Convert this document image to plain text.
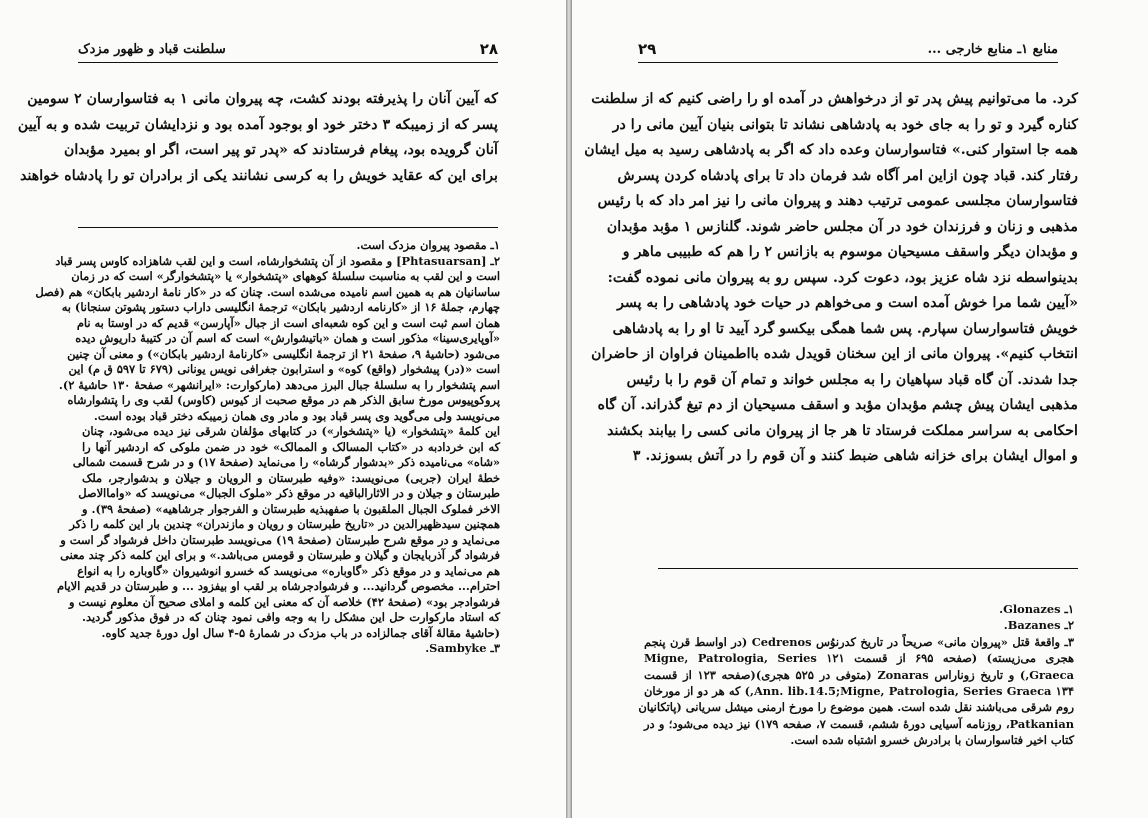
۲۸
سلطنت قباد و ظهور مزدک

که آیین آنان را پذیرفته بودند کشت، چه پیروان مانی ۱ به فتاسوارسان ۲ سومین

پسر که از زمیبکه ۳ دختر خود او بوجود آمده بود و نزدایشان تربیت شده و به آیین

آنان گرویده بود، پیغام فرستادند که «پدر تو پیر است، اگر او بمیرد مؤبدان

برای این که عقاید خویش را به کرسی نشانند یکی از برادران تو را پادشاه خواهند

۱ـ مقصود پیروان مزدک است.

۲ـ [Phtasuarsan] و مقصود از آن پتشخوارشاه، است و این لقب شاهزاده کاوس پسر قباد

است و این لقب به مناسبت سلسلهٔ کوههای «پتشخوار» یا «پتشخوارگر» است که در زمان

ساسانیان هم به همین اسم نامیده می‌شده است. چنان که در «کار نامهٔ اردشیر بابکان» هم (فصل

چهارم، جملهٔ ۱۶ از «کارنامه اردشیر بابکان» ترجمهٔ انگلیسی داراب دستور پشوتن سنجانا) به

همان اسم ثبت است و این کوه شعبه‌ای است از جبال «آپارسن» قدیم که در اوستا به نام

«آوپایری‌سینا» مذکور است و همان «باتیشوارش» است که اسم آن در کتیبهٔ داریوش دیده

می‌شود (حاشیهٔ ۹، صفحهٔ ۲۱ از ترجمهٔ انگلیسی «کارنامهٔ اردشیر بابکان») و معنی آن چنین

است «(در) پیشخوار (واقع) کوه» و استرابون جغرافی نویس یونانی (۶۷۹ تا ۵۹۷ ق م) این

اسم پتشخوار را به سلسلهٔ جبال البرز می‌دهد (مارکوارت: «ایرانشهر» صفحهٔ ۱۳۰ حاشیهٔ ۲).

پروکوپیوس مورخ سابق الذکر هم در موقع صحبت از کیوس (کاوس) لقب وی را پتشوارشاه

می‌نویسد ولی می‌گوید وی پسر قباد بود و مادر وی همان زمیبکه دختر قباد بوده است.

این کلمهٔ «پتشخوار» (یا «پتشخوار») در کتابهای مؤلفان شرقی نیز دیده می‌شود، چنان

که ابن خردادبه در «کتاب المسالک و الممالک» خود در ضمن ملوکی که اردشیر آنها را

«شاه» می‌نامیده ذکر «بدشوار گرشاه» را می‌نماید (صفحهٔ ۱۷) و در شرح قسمت شمالی

خطهٔ ایران (جربی) می‌نویسد: «وفیه طبرستان و الرویان و جیلان و بدشوارجر، ملک

طبرستان و جیلان و در الاثارالباقیه در موقع ذکر «ملوک الجبال» می‌نویسد که «واماالاصل

الاخر فملوک الجبال الملقبون با صفهبذیه طبرستان و الفرجوار جرشاهیه» (صفحهٔ ۳۹). و

همچنین سیدظهیرالدین در «تاریخ طبرستان و رویان و مازندران» چندین بار این کلمه را ذکر

می‌نماید و در موقع شرح طبرستان (صفحهٔ ۱۹) می‌نویسد طبرستان داخل فرشواد گر است و

فرشواد گر آذربایجان و گیلان و طبرستان و قومس می‌باشد.» و برای این کلمه ذکر چند معنی

هم می‌نماید و در موقع ذکر «گاوباره» می‌نویسد که خسرو انوشیروان «گاوباره را به انواع

احترام... مخصوص گردانید... و فرشوادجرشاه بر لقب او بیفزود ... و طبرستان در قدیم الایام

فرشوادجر بود» (صفحهٔ ۴۲) خلاصه آن که معنی این کلمه و املای صحیح آن معلوم نیست و

که استاد مارکوارت حل این مشکل را به وجه وافی نمود چنان که در فوق مذکور گردید.

(حاشیهٔ مقالهٔ آقای جمالزاده در باب مزدک در شمارهٔ ۵-۴ سال اول دورهٔ جدید کاوه.

۳ـ Sambyke.

۲۹	منابع ۱ـ منابع خارجی ...

کرد. ما می‌توانیم پیش پدر تو از درخواهش در آمده او را راضی کنیم که از سلطنت

کناره گیرد و تو را به جای خود به پادشاهی نشاند تا بتوانی بنیان آیین مانی را در

همه جا استوار کنی.» فتاسوارسان وعده داد که اگر به پادشاهی رسید به میل ایشان

رفتار کند. قباد چون ازاین امر آگاه شد فرمان داد تا برای پادشاه کردن پسرش

فتاسوارسان مجلسی عمومی ترتیب دهند و پیروان مانی را نیز امر داد که با رئیس

مذهبی و زنان و فرزندان خود در آن مجلس حاضر شوند. گلنازس ۱ مؤبد مؤبدان

و مؤبدان دیگر واسقف مسیحیان موسوم به بازانس ۲ را هم که طبیبی ماهر و

بدینواسطه نزد شاه عزیز بود، دعوت کرد. سپس رو به پیروان مانی نموده گفت:

«آیین شما مرا خوش آمده است و می‌خواهم در حیات خود پادشاهی را به پسر

خویش فتاسوارسان سپارم. پس شما همگی بیکسو گرد آیید تا او را به پادشاهی

انتخاب کنیم». پیروان مانی از این سخنان قویدل شده بااطمینان فراوان از حاضران

جدا شدند. آن گاه قباد سپاهیان را به مجلس خواند و تمام آن قوم را با رئیس

مذهبی ایشان پیش چشم مؤبدان مؤبد و اسقف مسیحیان از دم تیغ گذراند. آن گاه

احکامی به سراسر مملکت فرستاد تا هر جا از پیروان مانی کسی را بیابند بکشند

و اموال ایشان برای خزانه شاهی ضبط کنند و آن قوم را در آتش بسوزند. ۳

۱ـ Glonazes.

۲ـ Bazanes.

۳ـ واقعهٔ قتل «پیروان مانی» صریحاً در تاریخ کدرنوُس Cedrenos (در اواسط قرن پنجم

هجری می‌زیسته) (صفحه ۶۹۵ از قسمت ۱۲۱ Migne, Patrologia, Series

Graeca,) و تاریخ زوناراس Zonaras (متوفی در ۵۲۵ هجری)(صفحه ۱۲۳ از قسمت

۱۳۴ Ann. lib.14.5;Migne, Patrologia, Series Graeca,) که هر دو از مورخان

روم شرقی می‌باشند نقل شده است. همین موضوع را مورخ ارمنی میشل سریانی (پاتکانیان

Patkanian، روزنامه آسیایی دورهٔ ششم، قسمت ۷، صفحه ۱۷۹) نیز دیده می‌شود؛ و در

کتاب اخیر فتاسوارسان با برادرش خسرو اشتباه شده است.
